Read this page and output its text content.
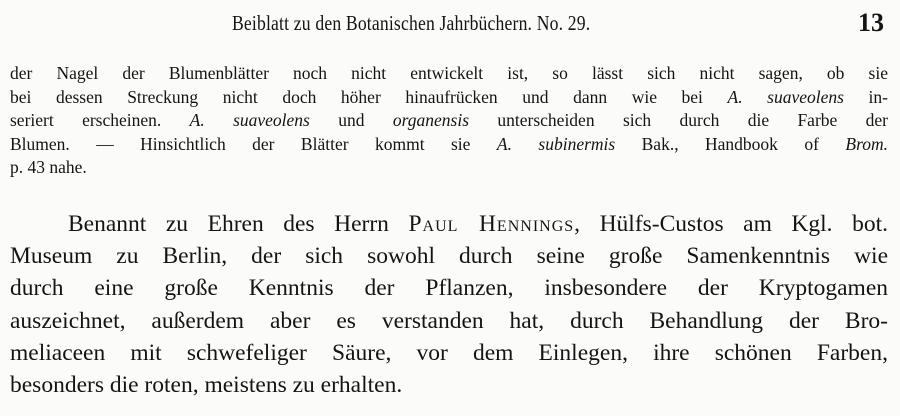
Beiblatt zu den Botanischen Jahrbüchern. No. 29.	13
der Nagel der Blumenblätter noch nicht entwickelt ist, so lässt sich nicht sagen, ob sie
bei dessen Streckung nicht doch höher hinaufrücken und dann wie bei A. suaveolens in-
seriert erscheinen. A. suaveolens und organensis unterscheiden sich durch die Farbe der
Blumen. — Hinsichtlich der Blätter kommt sie A. subinermis Bak., Handbook of Brom.
p. 43 nahe.
Benannt zu Ehren des Herrn Paul Hennings, Hülfs-Custos am Kgl. bot.
Museum zu Berlin, der sich sowohl durch seine große Samenkenntnis wie
durch eine große Kenntnis der Pflanzen, insbesondere der Kryptogamen
auszeichnet, außerdem aber es verstanden hat, durch Behandlung der Bro-
meliaceen mit schwefeliger Säure, vor dem Einlegen, ihre schönen Farben,
besonders die roten, meistens zu erhalten.
